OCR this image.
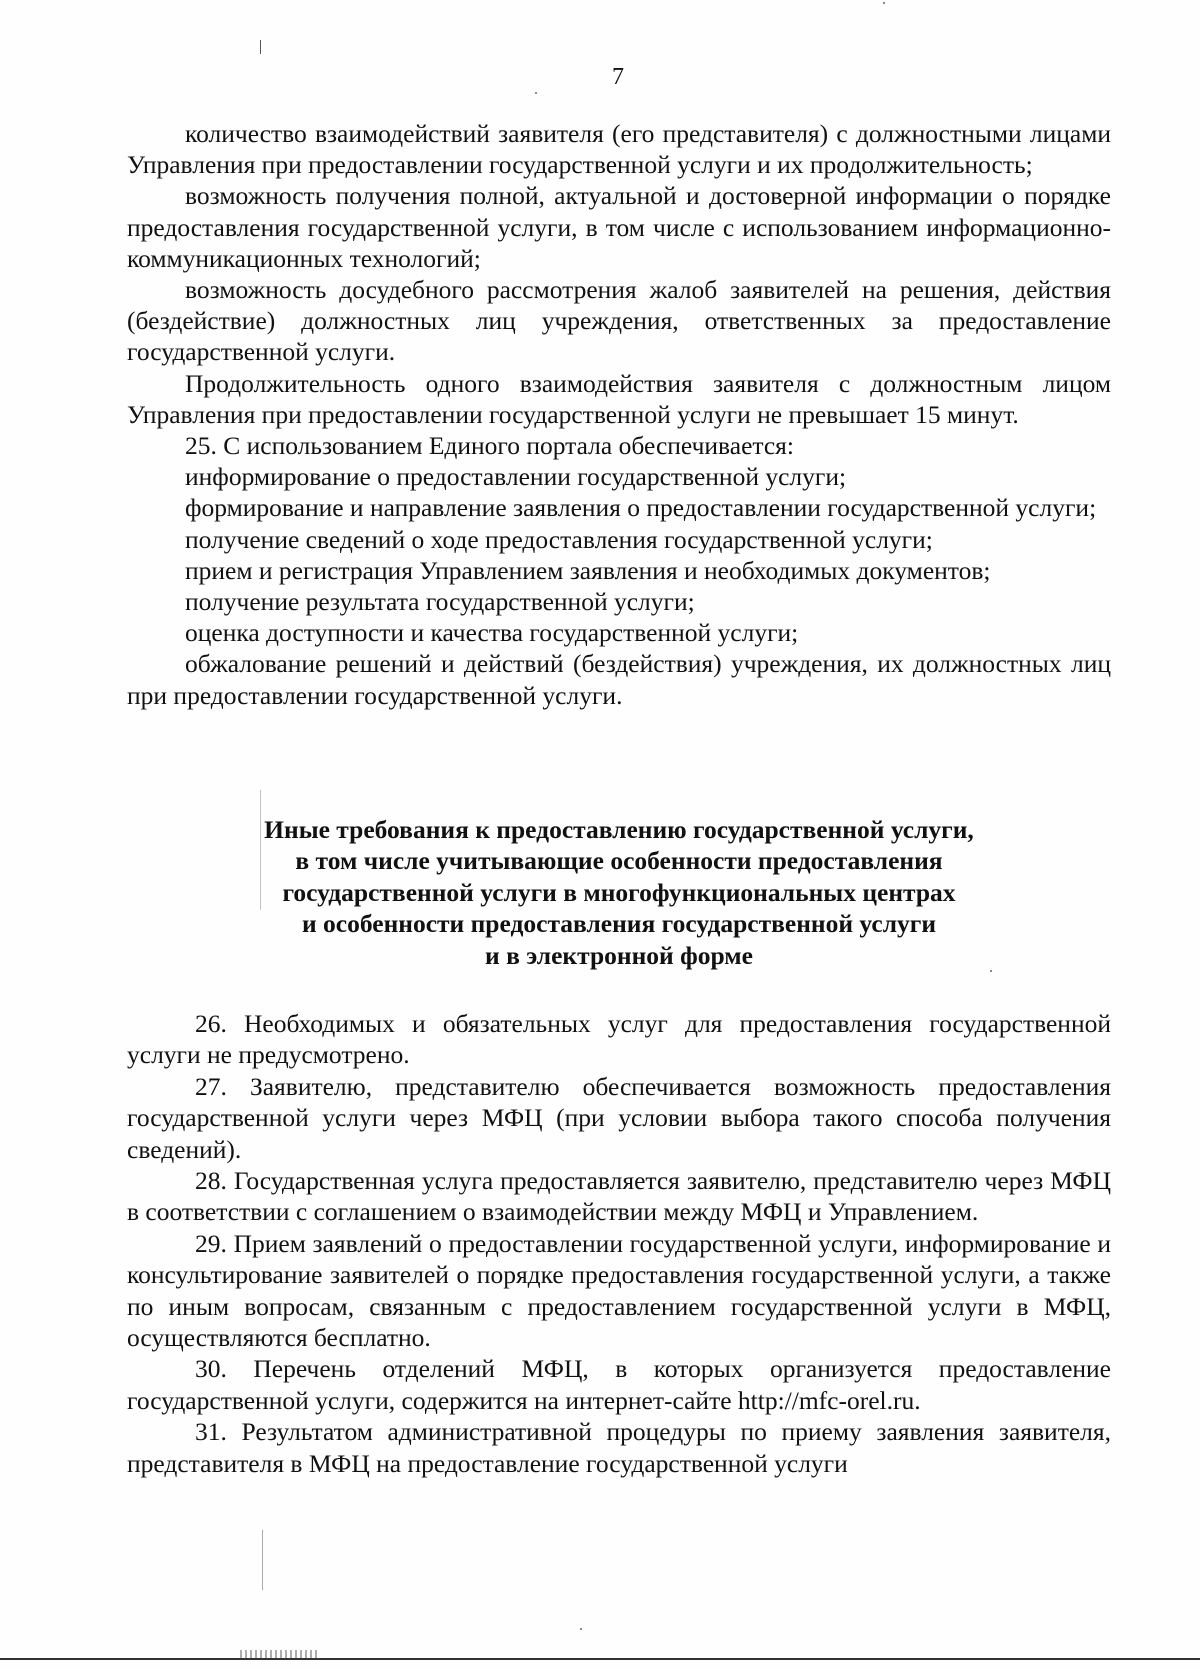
7

количество взаимодействий заявителя (его представителя) с должностными лицами Управления при предоставлении государственной услуги и их продолжительность;

возможность получения полной, актуальной и достоверной информации о порядке предоставления государственной услуги, в том числе с использованием информационно-коммуникационных технологий;

возможность досудебного рассмотрения жалоб заявителей на решения, действия (бездействие) должностных лиц учреждения, ответственных за предоставление государственной услуги.

Продолжительность одного взаимодействия заявителя с должностным лицом Управления при предоставлении государственной услуги не превышает 15 минут.

25. С использованием Единого портала обеспечивается:

информирование о предоставлении государственной услуги;

формирование и направление заявления о предоставлении государственной услуги;

получение сведений о ходе предоставления государственной услуги;

прием и регистрация Управлением заявления и необходимых документов;

получение результата государственной услуги;

оценка доступности и качества государственной услуги;

обжалование решений и действий (бездействия) учреждения, их должностных лиц при предоставлении государственной услуги.

Иные требования к предоставлению государственной услуги,
в том числе учитывающие особенности предоставления
государственной услуги в многофункциональных центрах
и особенности предоставления государственной услуги
и в электронной форме

26. Необходимых и обязательных услуг для предоставления государственной услуги не предусмотрено.

27. Заявителю, представителю обеспечивается возможность предоставления государственной услуги через МФЦ (при условии выбора такого способа получения сведений).

28. Государственная услуга предоставляется заявителю, представителю через МФЦ в соответствии с соглашением о взаимодействии между МФЦ и Управлением.

29. Прием заявлений о предоставлении государственной услуги, информирование и консультирование заявителей о порядке предоставления государственной услуги, а также по иным вопросам, связанным с предоставлением государственной услуги в МФЦ, осуществляются бесплатно.

30. Перечень отделений МФЦ, в которых организуется предоставление государственной услуги, содержится на интернет-сайте http://mfc-orel.ru.

31. Результатом административной процедуры по приему заявления заявителя, представителя в МФЦ на предоставление государственной услуги
